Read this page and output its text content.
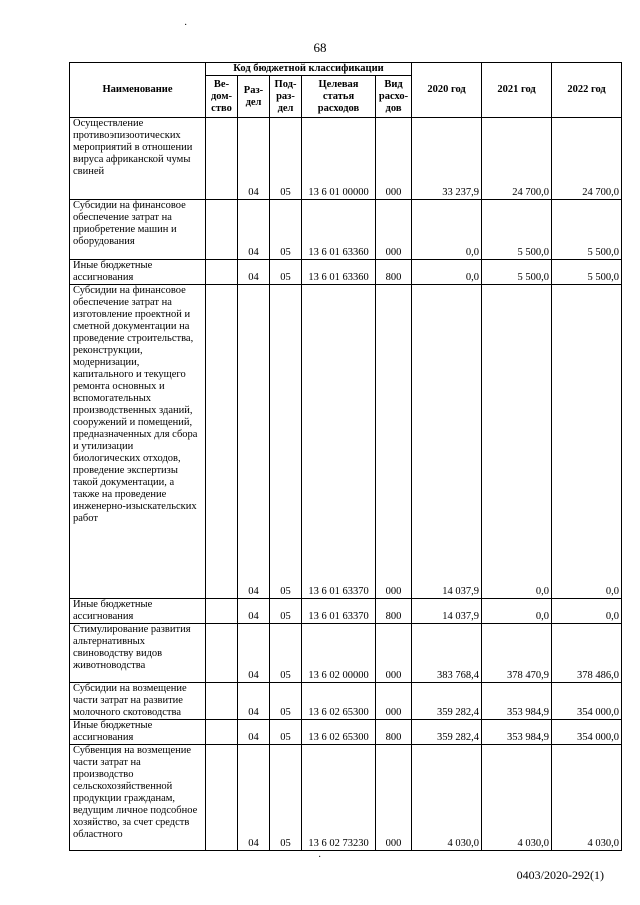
68
Наименование	Код бюджетной классификации					2020 год	2021 год	2022 год
	Ве-дом-ство	Раз-дел	Под-раз-дел	Целевая статья расходов	Вид расхо-дов			
Осуществление противоэпизоотических мероприятий в отношении вируса африканской чумы свиней		04	05	13 6 01 00000	000	33 237,9	24 700,0	24 700,0
Субсидии на финансовое обеспечение затрат на приобретение машин и оборудования		04	05	13 6 01 63360	000	0,0	5 500,0	5 500,0
Иные бюджетные ассигнования		04	05	13 6 01 63360	800	0,0	5 500,0	5 500,0
Субсидии на финансовое обеспечение затрат на изготовление проектной и сметной документации на проведение строительства, реконструкции, модернизации, капитального и текущего ремонта основных и вспомогательных производственных зданий, сооружений и помещений, предназначенных для сбора и утилизации биологических отходов, проведение экспертизы такой документации, а также на проведение инженерно-изыскательских работ		04	05	13 6 01 63370	000	14 037,9	0,0	0,0
Иные бюджетные ассигнования		04	05	13 6 01 63370	800	14 037,9	0,0	0,0
Стимулирование развития альтернативных свиноводству видов животноводства		04	05	13 6 02 00000	000	383 768,4	378 470,9	378 486,0
Субсидии на возмещение части затрат на развитие молочного скотоводства		04	05	13 6 02 65300	000	359 282,4	353 984,9	354 000,0
Иные бюджетные ассигнования		04	05	13 6 02 65300	800	359 282,4	353 984,9	354 000,0
Субвенция на возмещение части затрат на производство сельскохозяйственной продукции гражданам, ведущим личное подсобное хозяйство, за счет средств областного		04	05	13 6 02 73230	000	4 030,0	4 030,0	4 030,0
·
·
0403/2020-292(1)
